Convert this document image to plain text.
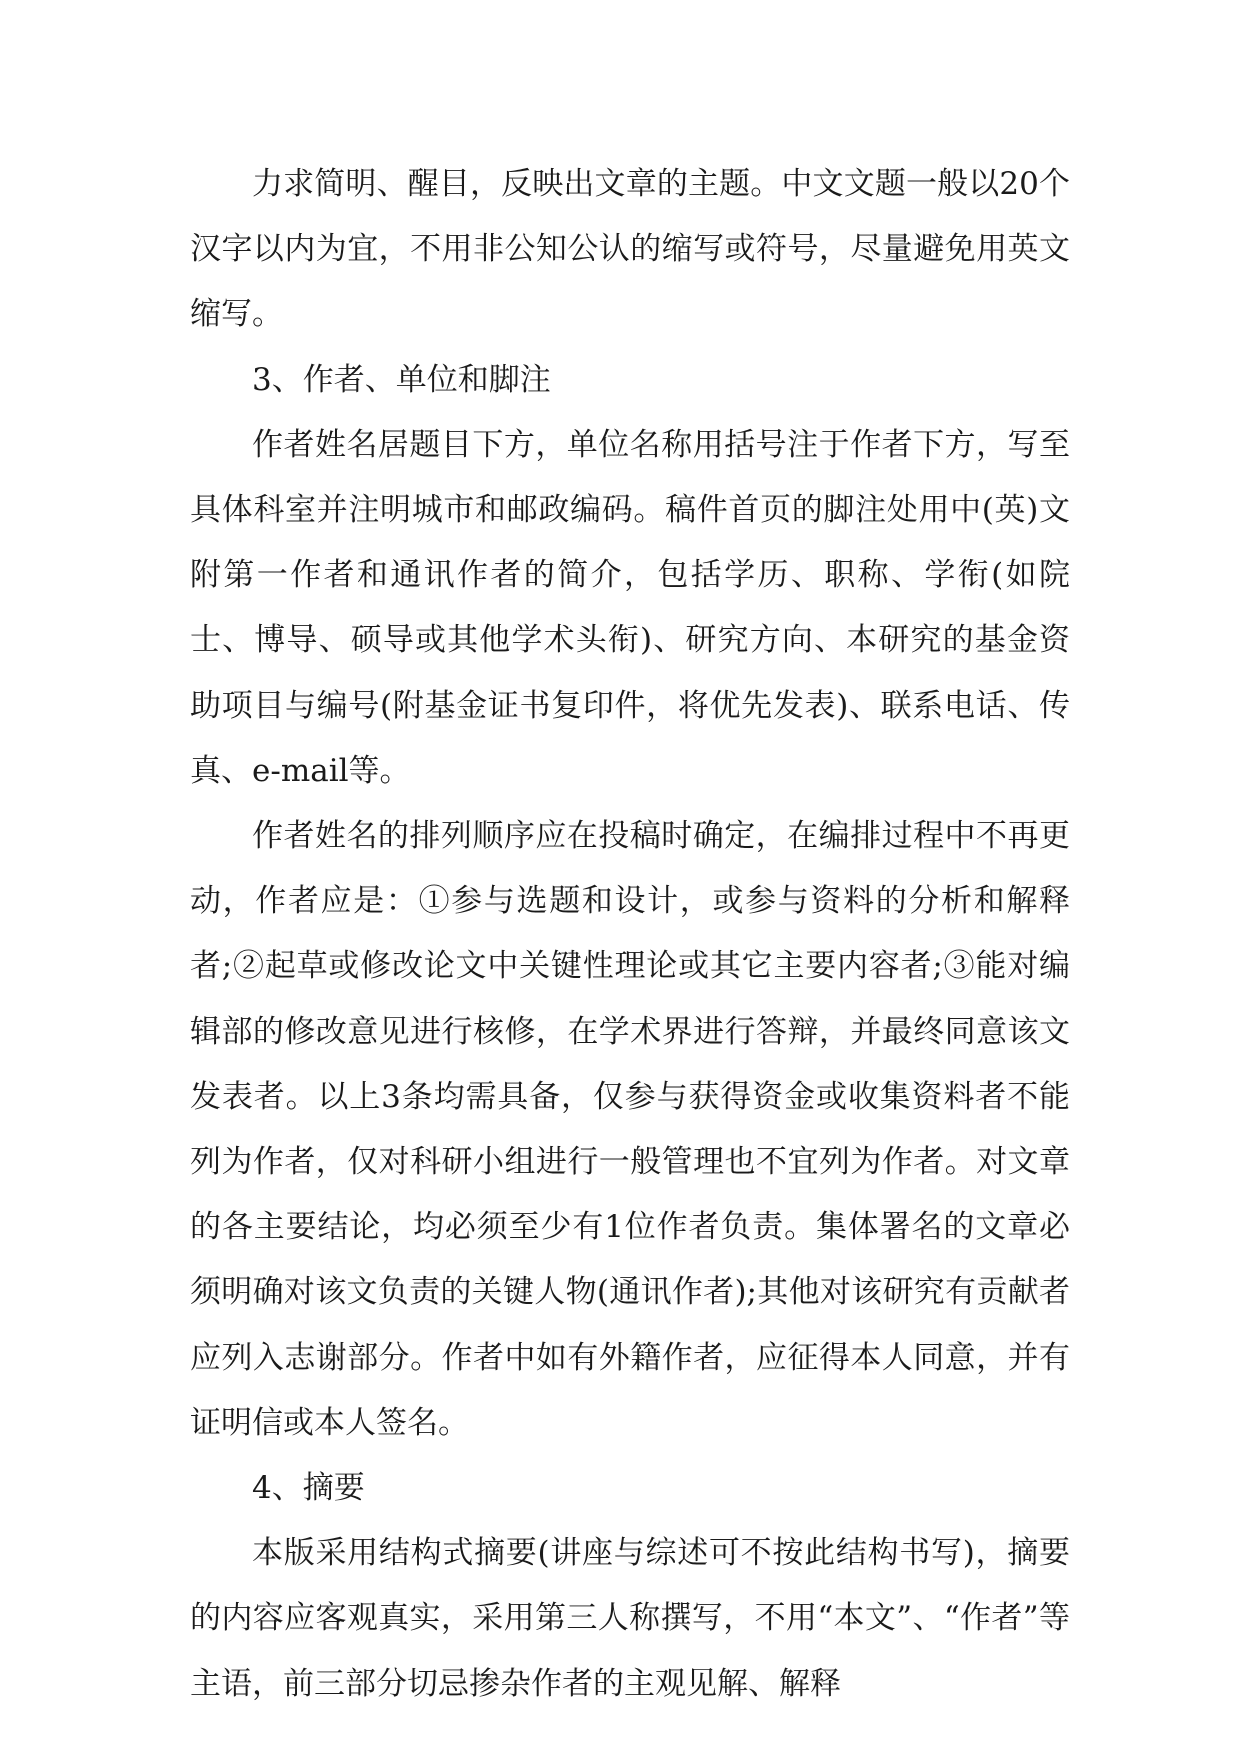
力求简明、醒目，反映出文章的主题。中文文题一般以20个汉字以内为宜，不用非公知公认的缩写或符号，尽量避免用英文缩写。

3、作者、单位和脚注

作者姓名居题目下方，单位名称用括号注于作者下方，写至具体科室并注明城市和邮政编码。稿件首页的脚注处用中(英)文附第一作者和通讯作者的简介，包括学历、职称、学衔(如院士、博导、硕导或其他学术头衔)、研究方向、本研究的基金资助项目与编号(附基金证书复印件，将优先发表)、联系电话、传真、e-mail等。

作者姓名的排列顺序应在投稿时确定，在编排过程中不再更动，作者应是：①参与选题和设计，或参与资料的分析和解释者;②起草或修改论文中关键性理论或其它主要内容者;③能对编辑部的修改意见进行核修，在学术界进行答辩，并最终同意该文发表者。以上3条均需具备，仅参与获得资金或收集资料者不能列为作者，仅对科研小组进行一般管理也不宜列为作者。对文章的各主要结论，均必须至少有1位作者负责。集体署名的文章必须明确对该文负责的关键人物(通讯作者);其他对该研究有贡献者应列入志谢部分。作者中如有外籍作者，应征得本人同意，并有证明信或本人签名。

4、摘要

本版采用结构式摘要(讲座与综述可不按此结构书写)，摘要的内容应客观真实，采用第三人称撰写，不用“本文”、“作者”等主语，前三部分切忌掺杂作者的主观见解、解释
